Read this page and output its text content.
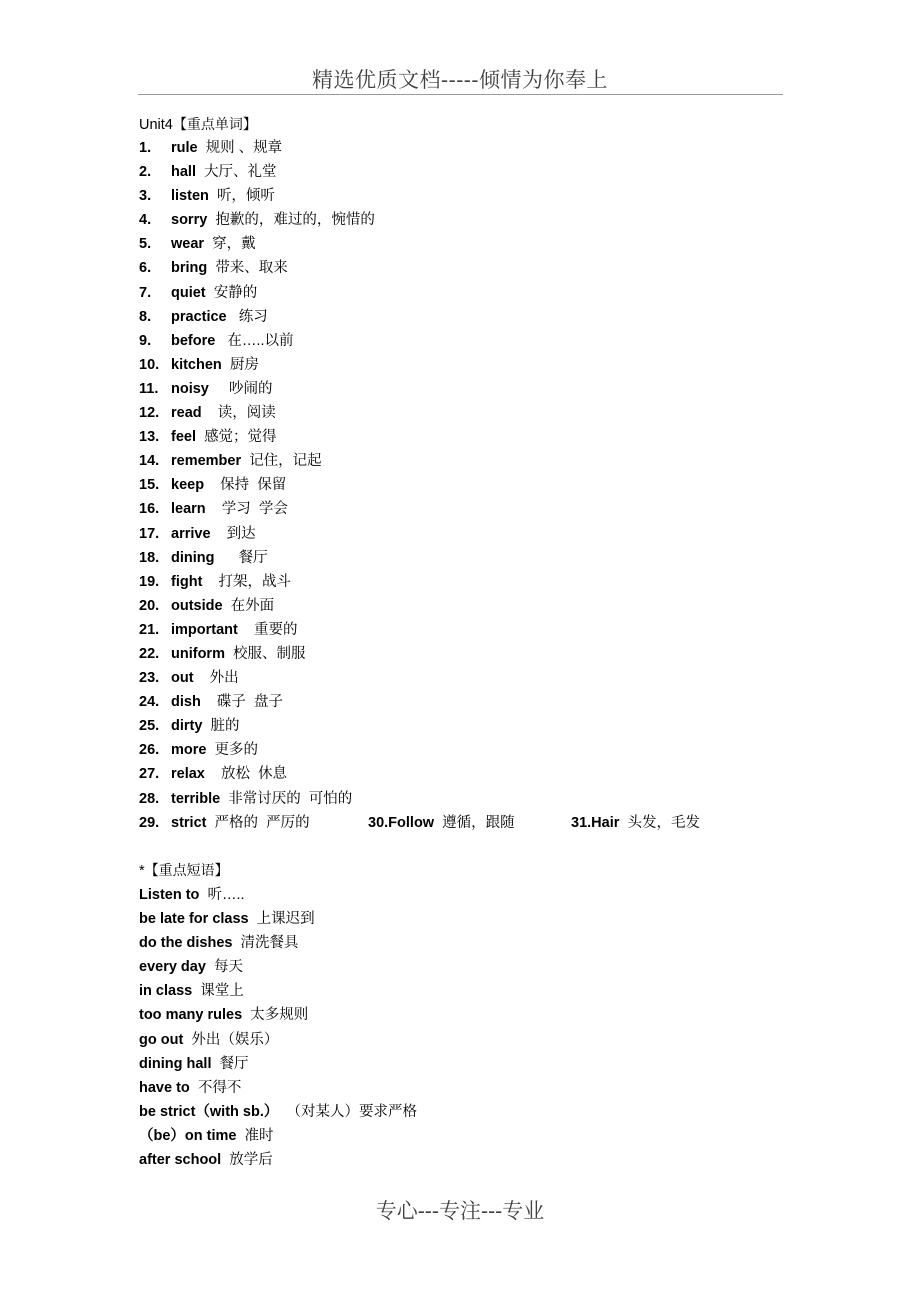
精选优质文档-----倾情为你奉上
Unit4【重点单词】
1. rule 规则 、规章
2. hall 大厅、礼堂
3. listen 听，倾听
4. sorry 抱歉的，难过的，惋惜的
5. wear 穿，戴
6. bring 带来、取来
7. quiet 安静的
8. practice   练习
9. before   在…..以前
10. kitchen 厨房
11. noisy     吵闹的
12. read    读，阅读
13. feel 感觉；觉得
14. remember 记住，记起
15. keep    保持  保留
16. learn    学习  学会
17. arrive    到达
18. dining      餐厅
19. fight    打架，战斗
20. outside 在外面
21. important    重要的
22. uniform 校服、制服
23. out    外出
24. dish    碟子  盘子
25. dirty 脏的
26. more 更多的
27. relax    放松  休息
28. terrible 非常讨厌的  可怕的

29. strict 严格的  严厉的

	30.Follow 遵循，跟随

	31.Hair 头发，毛发

*【重点短语】
Listen to 听…..
be late for class 上课迟到
do the dishes 清洗餐具
every day 每天
in class 课堂上
too many rules 太多规则
go out 外出（娱乐）
dining hall 餐厅
have to 不得不
be strict（with sb.） （对某人）要求严格
（be）on time 准时
after school 放学后
专心---专注---专业
